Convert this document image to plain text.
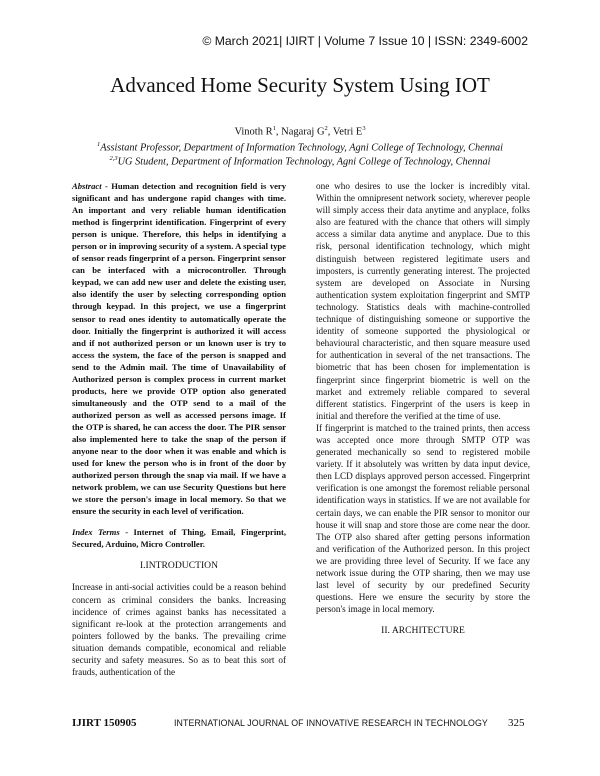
© March 2021| IJIRT | Volume 7 Issue 10 | ISSN: 2349-6002
Advanced Home Security System Using IOT
Vinoth $R^1$, Nagaraj $G^2$, Vetri $E^3$
$^1$Assistant Professor, Department of Information Technology, Agni College of Technology, Chennai
$^{2,3}$UG Student, Department of Information Technology, Agni College of Technology, Chennai

Abstract - Human detection and recognition field is very significant and has undergone rapid changes with time. An important and very reliable human identification method is fingerprint identification. Fingerprint of every person is unique. Therefore, this helps in identifying a person or in improving security of a system. A special type of sensor reads fingerprint of a person. Fingerprint sensor can be interfaced with a microcontroller. Through keypad, we can add new user and delete the existing user, also identify the user by selecting corresponding option through keypad. In this project, we use a fingerprint sensor to read ones identity to automatically operate the door. Initially the fingerprint is authorized it will access and if not authorized person or un known user is try to access the system, the face of the person is snapped and send to the Admin mail. The time of Unavailability of Authorized person is complex process in current market products, here we provide OTP option also generated simultaneously and the OTP send to a mail of the authorized person as well as accessed persons image. If the OTP is shared, he can access the door. The PIR sensor also implemented here to take the snap of the person if anyone near to the door when it was enable and which is used for knew the person who is in front of the door by authorized person through the snap via mail. If we have a network problem, we can use Security Questions but here we store the person's image in local memory. So that we ensure the security in each level of verification.

Index Terms - Internet of Thing, Email, Fingerprint, Secured, Arduino, Micro Controller.

I.INTRODUCTION

Increase in anti-social activities could be a reason behind concern as criminal considers the banks. Increasing incidence of crimes against banks has necessitated a significant re-look at the protection arrangements and pointers followed by the banks. The prevailing crime situation demands compatible, economical and reliable security and safety measures. So as to beat this sort of frauds, authentication of the

one who desires to use the locker is incredibly vital. Within the omnipresent network society, wherever people will simply access their data anytime and anyplace, folks also are featured with the chance that others will simply access a similar data anytime and anyplace. Due to this risk, personal identification technology, which might distinguish between registered legitimate users and imposters, is currently generating interest. The projected system are developed on Associate in Nursing authentication system exploitation fingerprint and SMTP technology. Statistics deals with machine-controlled technique of distinguishing someone or supportive the identity of someone supported the physiological or behavioural characteristic, and then square measure used for authentication in several of the net transactions. The biometric that has been chosen for implementation is fingerprint since fingerprint biometric is well on the market and extremely reliable compared to several different statistics. Fingerprint of the users is keep in initial and therefore the verified at the time of use.

If fingerprint is matched to the trained prints, then access was accepted once more through SMTP OTP was generated mechanically so send to registered mobile variety. If it absolutely was written by data input device, then LCD displays approved person accessed. Fingerprint verification is one amongst the foremost reliable personal identification ways in statistics. If we are not available for certain days, we can enable the PIR sensor to monitor our house it will snap and store those are come near the door. The OTP also shared after getting persons information and verification of the Authorized person. In this project we are providing three level of Security. If we face any network issue during the OTP sharing, then we may use last level of security by our predefined Security questions. Here we ensure the security by store the person's image in local memory.

II. ARCHITECTURE
IJIRT 150905	INTERNATIONAL JOURNAL OF INNOVATIVE RESEARCH IN TECHNOLOGY 325
